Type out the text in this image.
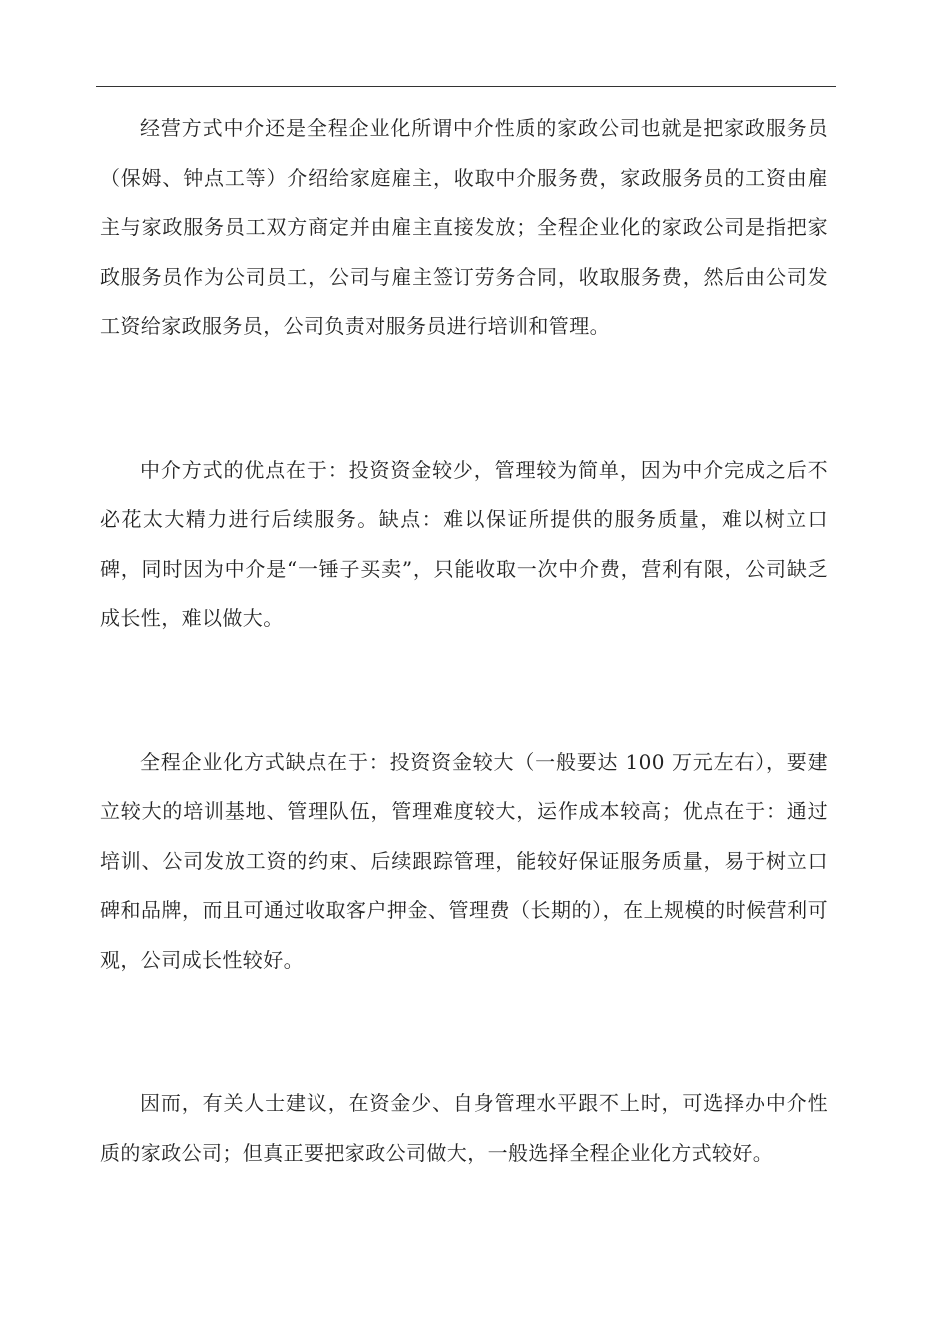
经营方式中介还是全程企业化所谓中介性质的家政公司也就是把家政服务员（保姆、钟点工等）介绍给家庭雇主，收取中介服务费，家政服务员的工资由雇主与家政服务员工双方商定并由雇主直接发放；全程企业化的家政公司是指把家政服务员作为公司员工，公司与雇主签订劳务合同，收取服务费，然后由公司发工资给家政服务员，公司负责对服务员进行培训和管理。

中介方式的优点在于：投资资金较少，管理较为简单，因为中介完成之后不必花太大精力进行后续服务。缺点：难以保证所提供的服务质量，难以树立口碑，同时因为中介是“一锤子买卖”，只能收取一次中介费，营利有限，公司缺乏成长性，难以做大。

全程企业化方式缺点在于：投资资金较大（一般要达 100 万元左右），要建立较大的培训基地、管理队伍，管理难度较大，运作成本较高；优点在于：通过培训、公司发放工资的约束、后续跟踪管理，能较好保证服务质量，易于树立口碑和品牌，而且可通过收取客户押金、管理费（长期的），在上规模的时候营利可观，公司成长性较好。

因而，有关人士建议，在资金少、自身管理水平跟不上时，可选择办中介性质的家政公司；但真正要把家政公司做大，一般选择全程企业化方式较好。
